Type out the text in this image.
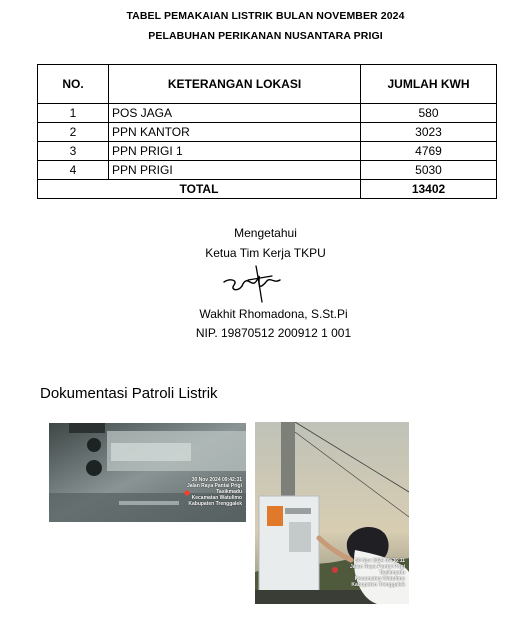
TABEL PEMAKAIAN LISTRIK BULAN NOVEMBER 2024
PELABUHAN PERIKANAN NUSANTARA PRIGI
NO.	KETERANGAN LOKASI	JUMLAH KWH
1	POS JAGA	580
2	PPN KANTOR	3023
3	PPN PRIGI 1	4769
4	PPN PRIGI	5030
TOTAL		13402
Mengetahui
Ketua Tim Kerja TKPU
Wakhit Rhomadona, S.St.Pi
NIP. 19870512 200912 1 001
Dokumentasi Patroli Listrik
30 Nov 2024 09:42:31
Jalan Raya Pantai Prigi
Tasikmadu
Kecamatan Watulimo
Kabupaten Trenggalek
30 Nov 2024 09:36:11
Jalan Raya Pantai Prigi
Tasikmadu
Kecamatan Watulimo
Kabupaten Trenggalek
